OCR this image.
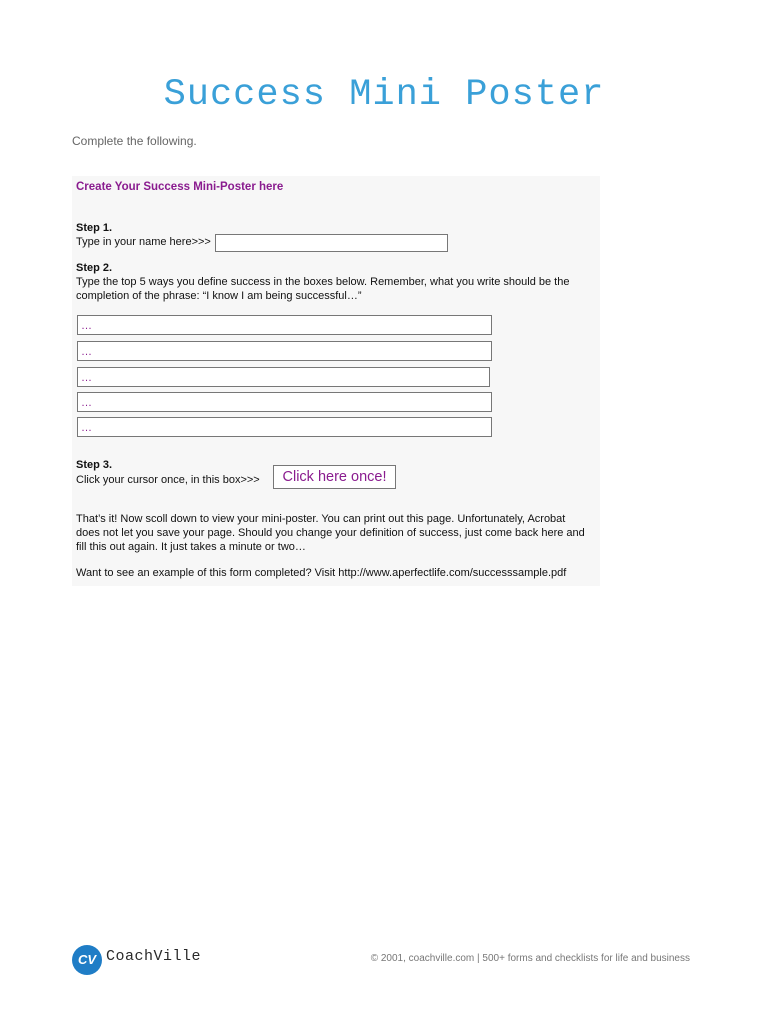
Success Mini Poster
Complete the following.
Create Your Success Mini-Poster here
Step 1.
Type in your name here>>>
Step 2.
Type the top 5 ways you define success in the boxes below. Remember, what you write should be the
completion of the phrase: “I know I am being successful…”
…
…
…
…
…
Step 3.
Click your cursor once, in this box>>>	Click here once!
That’s it! Now scoll down to view your mini-poster. You can print out this page. Unfortunately, Acrobat
does not let you save your page. Should you change your definition of success, just come back here and
fill this out again. It just takes a minute or two…
Want to see an example of this form completed? Visit http://www.aperfectlife.com/successsample.pdf
CV CoachVille	© 2001, coachville.com | 500+ forms and checklists for life and business
